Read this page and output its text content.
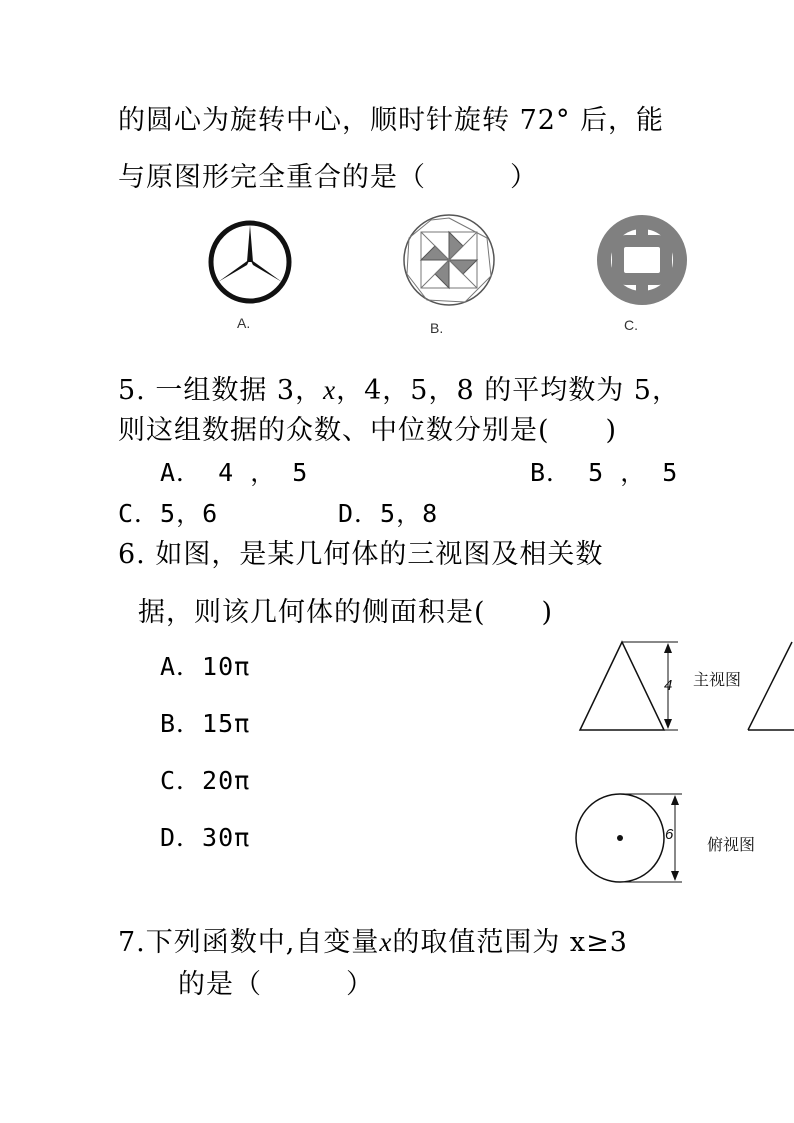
的圆心为旋转中心，顺时针旋转 72° 后，能
与原图形完全重合的是（　　　）
A.	B.	C.
5. 一组数据 3，x，4，5，8 的平均数为 5，
则这组数据的众数、中位数分别是(　　)
A． 4 ， 5	B． 5 ， 5
C．5，6	D．5，8
6. 如图，是某几何体的三视图及相关数
据，则该几何体的侧面积是(　　)
A．10π
B．15π
C．20π
D．30π
4 主视图
6
俯视图
7.下列函数中,自变量x的取值范围为 x≥3
的是（　　　）
